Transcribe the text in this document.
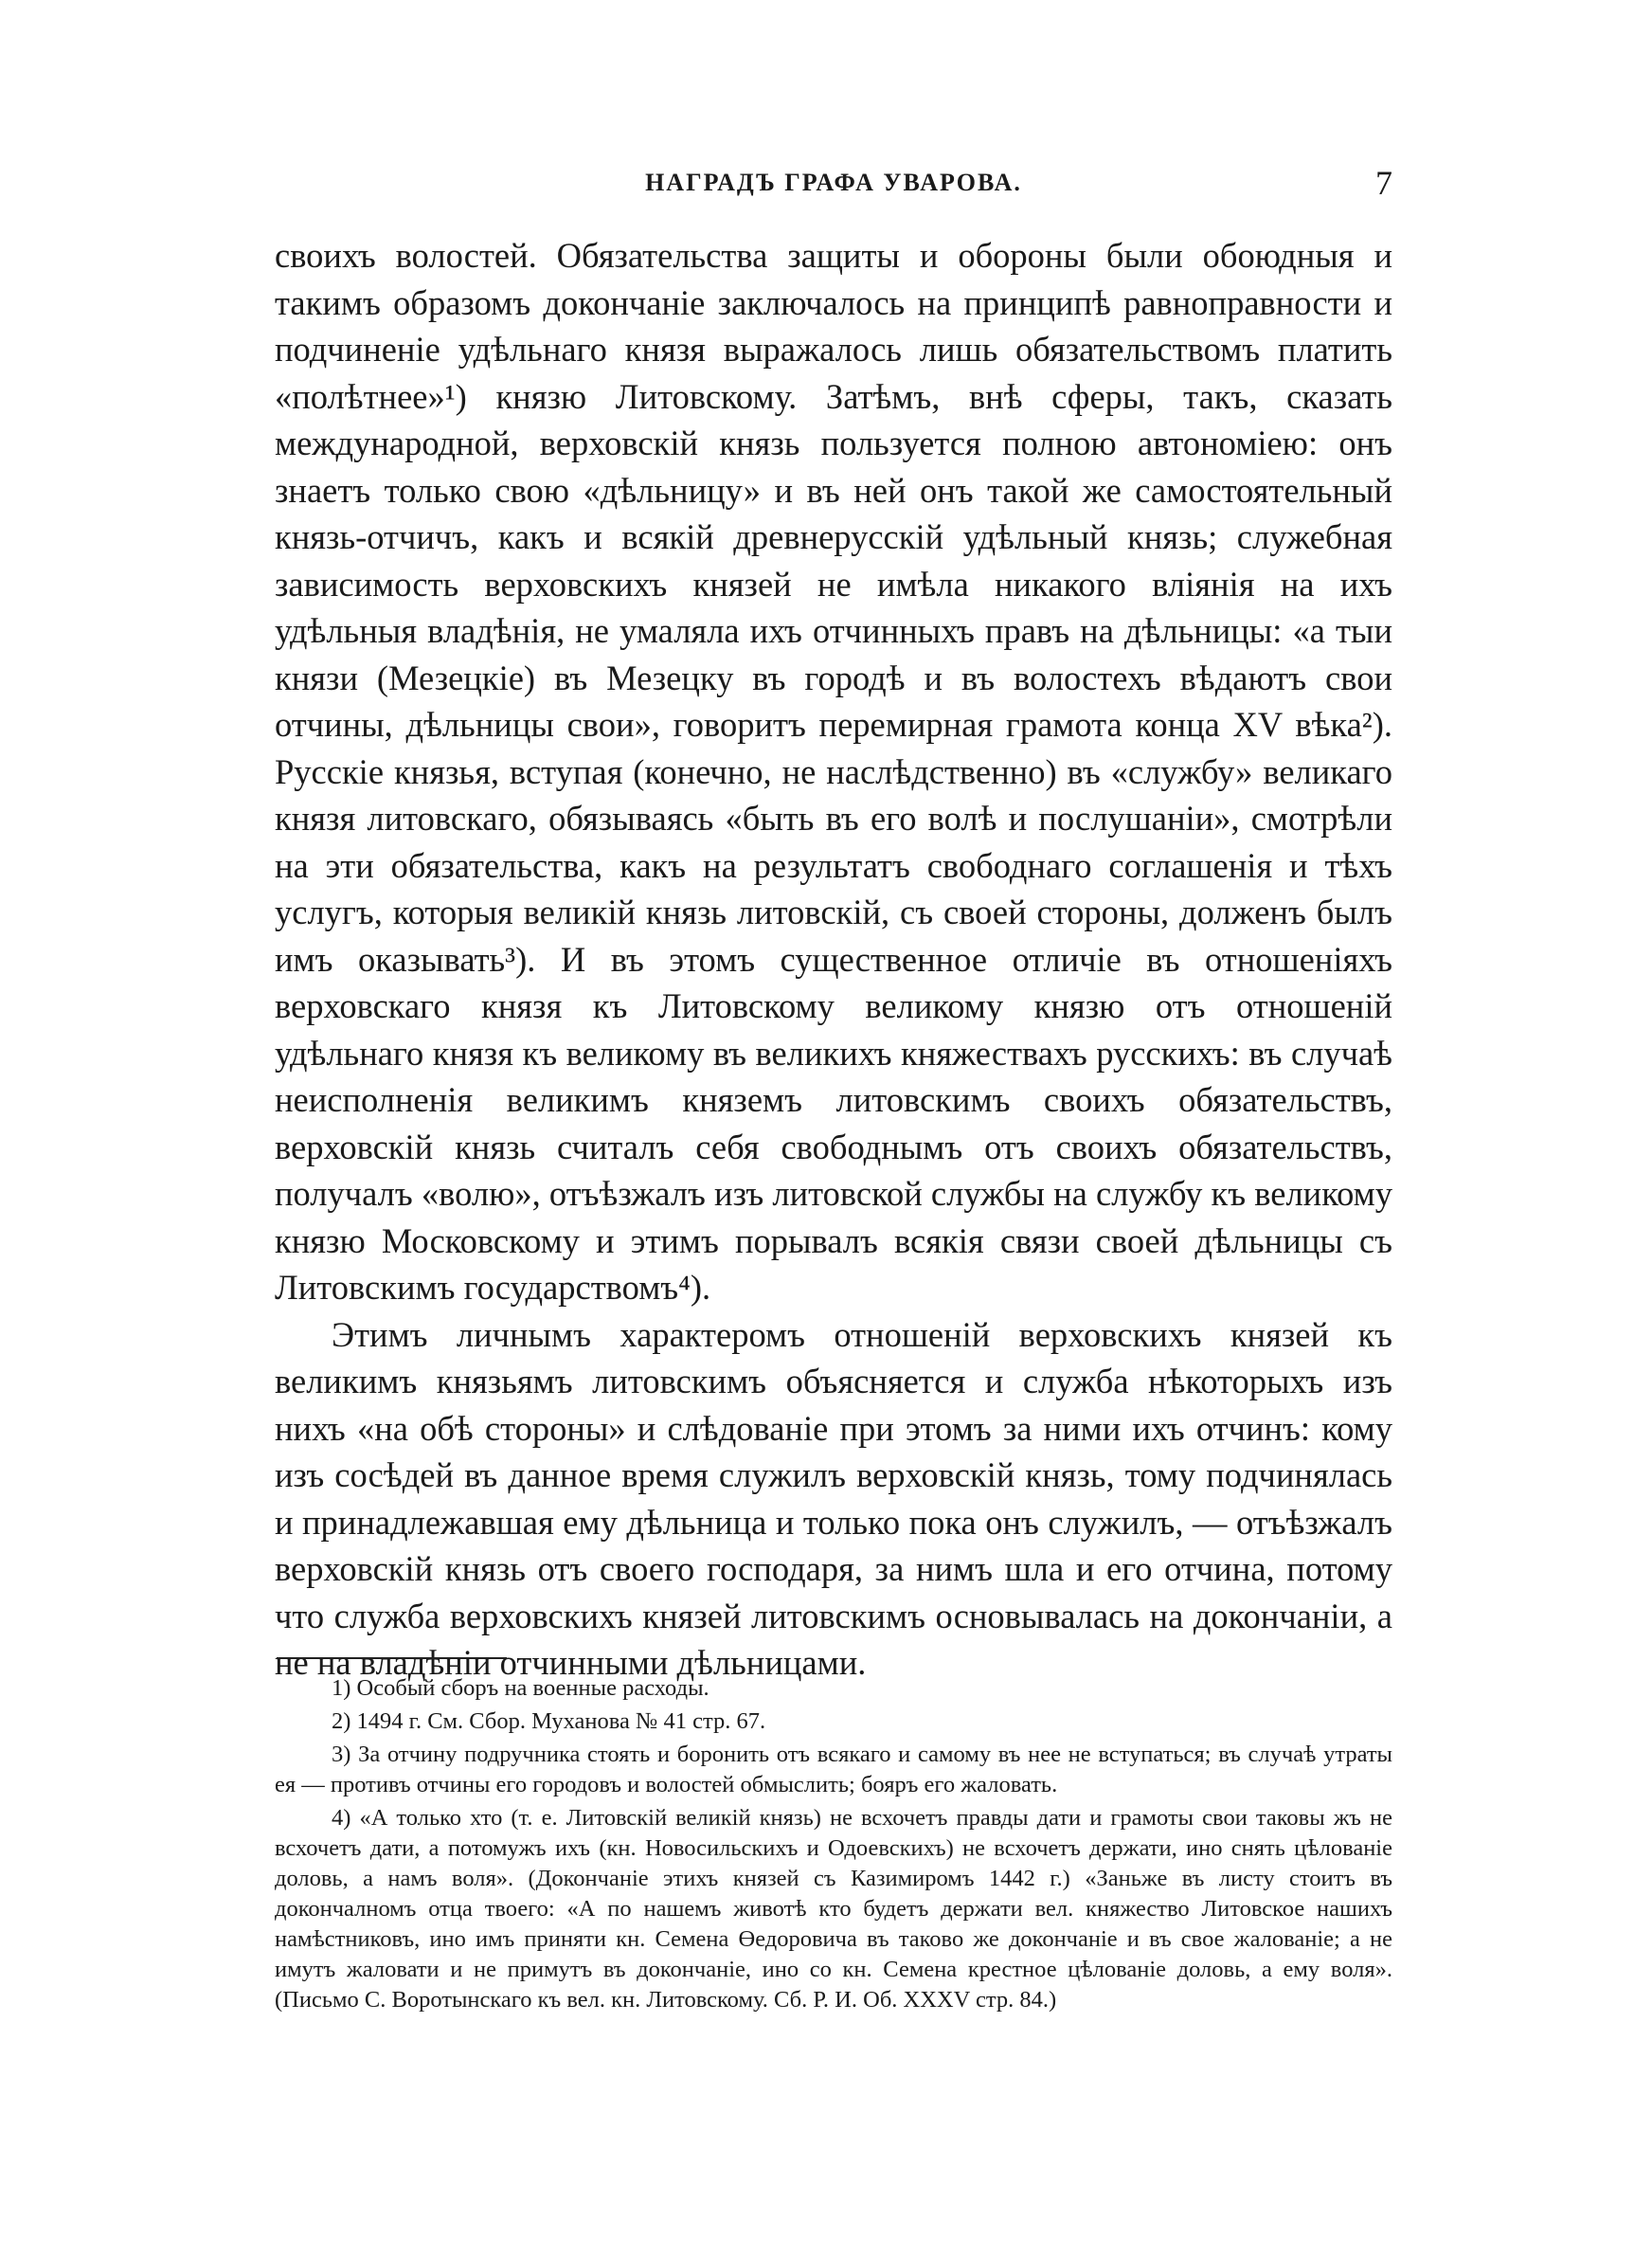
НАГРАДЪ ГРАФА УВАРОВА.	7

своихъ волостей. Обязательства защиты и обороны были обоюдныя и такимъ образомъ докончаніе заключалось на принципѣ равноправности и подчиненіе удѣльнаго князя выражалось лишь обязательствомъ платить «полѣтнее»¹) князю Литовскому. Затѣмъ, внѣ сферы, такъ, сказать международной, верховскій князь пользуется полною автономіею: онъ знаетъ только свою «дѣльницу» и въ ней онъ такой же самостоятельный князь-отчичъ, какъ и всякій древнерусскій удѣльный князь; служебная зависимость верховскихъ князей не имѣла никакого вліянія на ихъ удѣльныя владѣнія, не умаляла ихъ отчинныхъ правъ на дѣльницы: «а тыи князи (Мезецкіе) въ Мезецку въ городѣ и въ волостехъ вѣдаютъ свои отчины, дѣльницы свои», говоритъ перемирная грамота конца XV вѣка²). Русскіе князья, вступая (конечно, не наслѣдственно) въ «службу» великаго князя литовскаго, обязываясь «быть въ его волѣ и послушаніи», смотрѣли на эти обязательства, какъ на результатъ свободнаго соглашенія и тѣхъ услугъ, которыя великій князь литовскій, съ своей стороны, долженъ былъ имъ оказывать³). И въ этомъ существенное отличіе въ отношеніяхъ верховскаго князя къ Литовскому великому князю отъ отношеній удѣльнаго князя къ великому въ великихъ княжествахъ русскихъ: въ случаѣ неисполненія великимъ княземъ литовскимъ своихъ обязательствъ, верховскій князь считалъ себя свободнымъ отъ своихъ обязательствъ, получалъ «волю», отъѣзжалъ изъ литовской службы на службу къ великому князю Московскому и этимъ порывалъ всякія связи своей дѣльницы съ Литовскимъ государствомъ⁴).

Этимъ личнымъ характеромъ отношеній верховскихъ князей къ великимъ князьямъ литовскимъ объясняется и служба нѣкоторыхъ изъ нихъ «на обѣ стороны» и слѣдованіе при этомъ за ними ихъ отчинъ: кому изъ сосѣдей въ данное время служилъ верховскій князь, тому подчинялась и принадлежавшая ему дѣльница и только пока онъ служилъ, — отъѣзжалъ верховскій князь отъ своего господаря, за нимъ шла и его отчина, потому что служба верховскихъ князей литовскимъ основывалась на докончаніи, а не на владѣніи отчинными дѣльницами.

1) Особый сборъ на военные расходы.

2) 1494 г. См. Сбор. Муханова № 41 стр. 67.

3) За отчину подручника стоять и боронить отъ всякаго и самому въ нее не вступаться; въ случаѣ утраты ея — противъ отчины его городовъ и волостей обмыслить; бояръ его жаловать.

4) «А только хто (т. е. Литовскій великій князь) не всхочетъ правды дати и грамоты свои таковы жъ не всхочетъ дати, а потомужъ ихъ (кн. Новосильскихъ и Одоевскихъ) не всхочетъ держати, ино снять цѣлованіе доловь, а намъ воля». (Докончаніе этихъ князей съ Казимиромъ 1442 г.) «Заньже въ листу стоитъ въ докончалномъ отца твоего: «А по нашемъ животѣ кто будетъ держати вел. княжество Литовское нашихъ намѣстниковъ, ино имъ приняти кн. Семена Өедоровича въ таково же докончаніе и въ свое жалованіе; а не имутъ жаловати и не примутъ въ докончаніе, ино со кн. Семена крестное цѣлованіе доловь, а ему воля». (Письмо С. Воротынскаго къ вел. кн. Литовскому. Сб. Р. И. Об. XXXV стр. 84.)
